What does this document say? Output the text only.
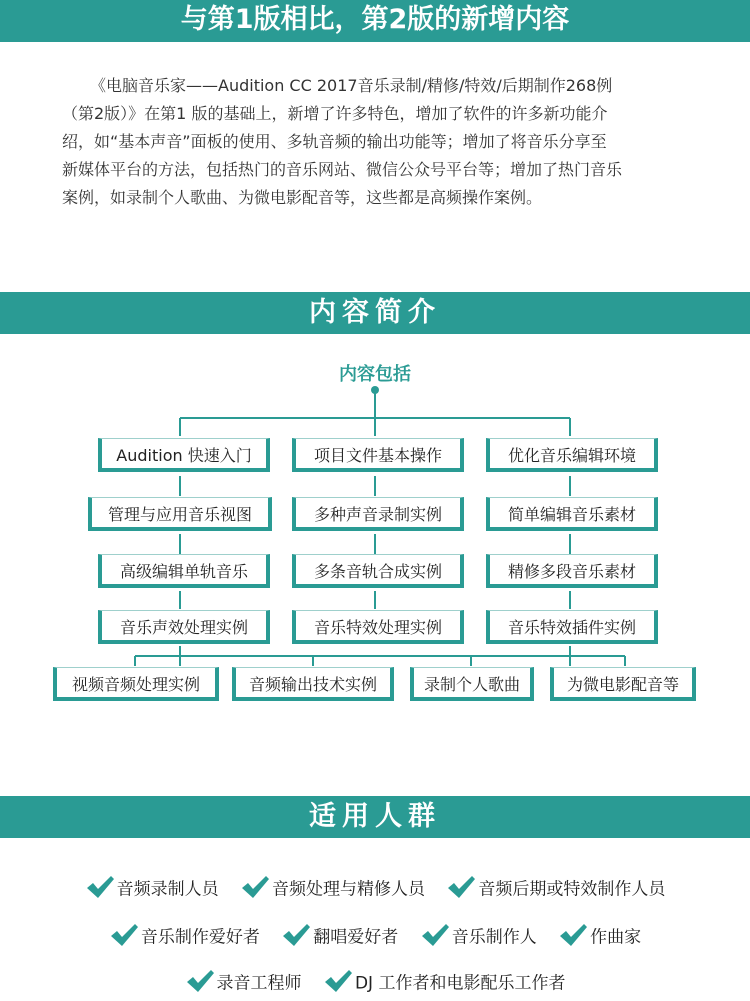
与第1版相比，第2版的新增内容
《电脑音乐家——Audition CC 2017音乐录制/精修/特效/后期制作268例
（第2版）》在第1 版的基础上，新增了许多特色，增加了软件的许多新功能介
绍，如“基本声音”面板的使用、多轨音频的输出功能等；增加了将音乐分享至
新媒体平台的方法，包括热门的音乐网站、微信公众号平台等；增加了热门音乐
案例，如录制个人歌曲、为微电影配音等，这些都是高频操作案例。
内容简介
内容包括
Audition 快速入门	项目文件基本操作	优化音乐编辑环境
管理与应用音乐视图	多种声音录制实例	简单编辑音乐素材
高级编辑单轨音乐	多条音轨合成实例	精修多段音乐素材
音乐声效处理实例	音乐特效处理实例	音乐特效插件实例
视频音频处理实例	音频输出技术实例	录制个人歌曲	为微电影配音等
适用人群
音频录制人员	音频处理与精修人员	音频后期或特效制作人员
音乐制作爱好者	翻唱爱好者	音乐制作人	作曲家
录音工程师	DJ 工作者和电影配乐工作者
